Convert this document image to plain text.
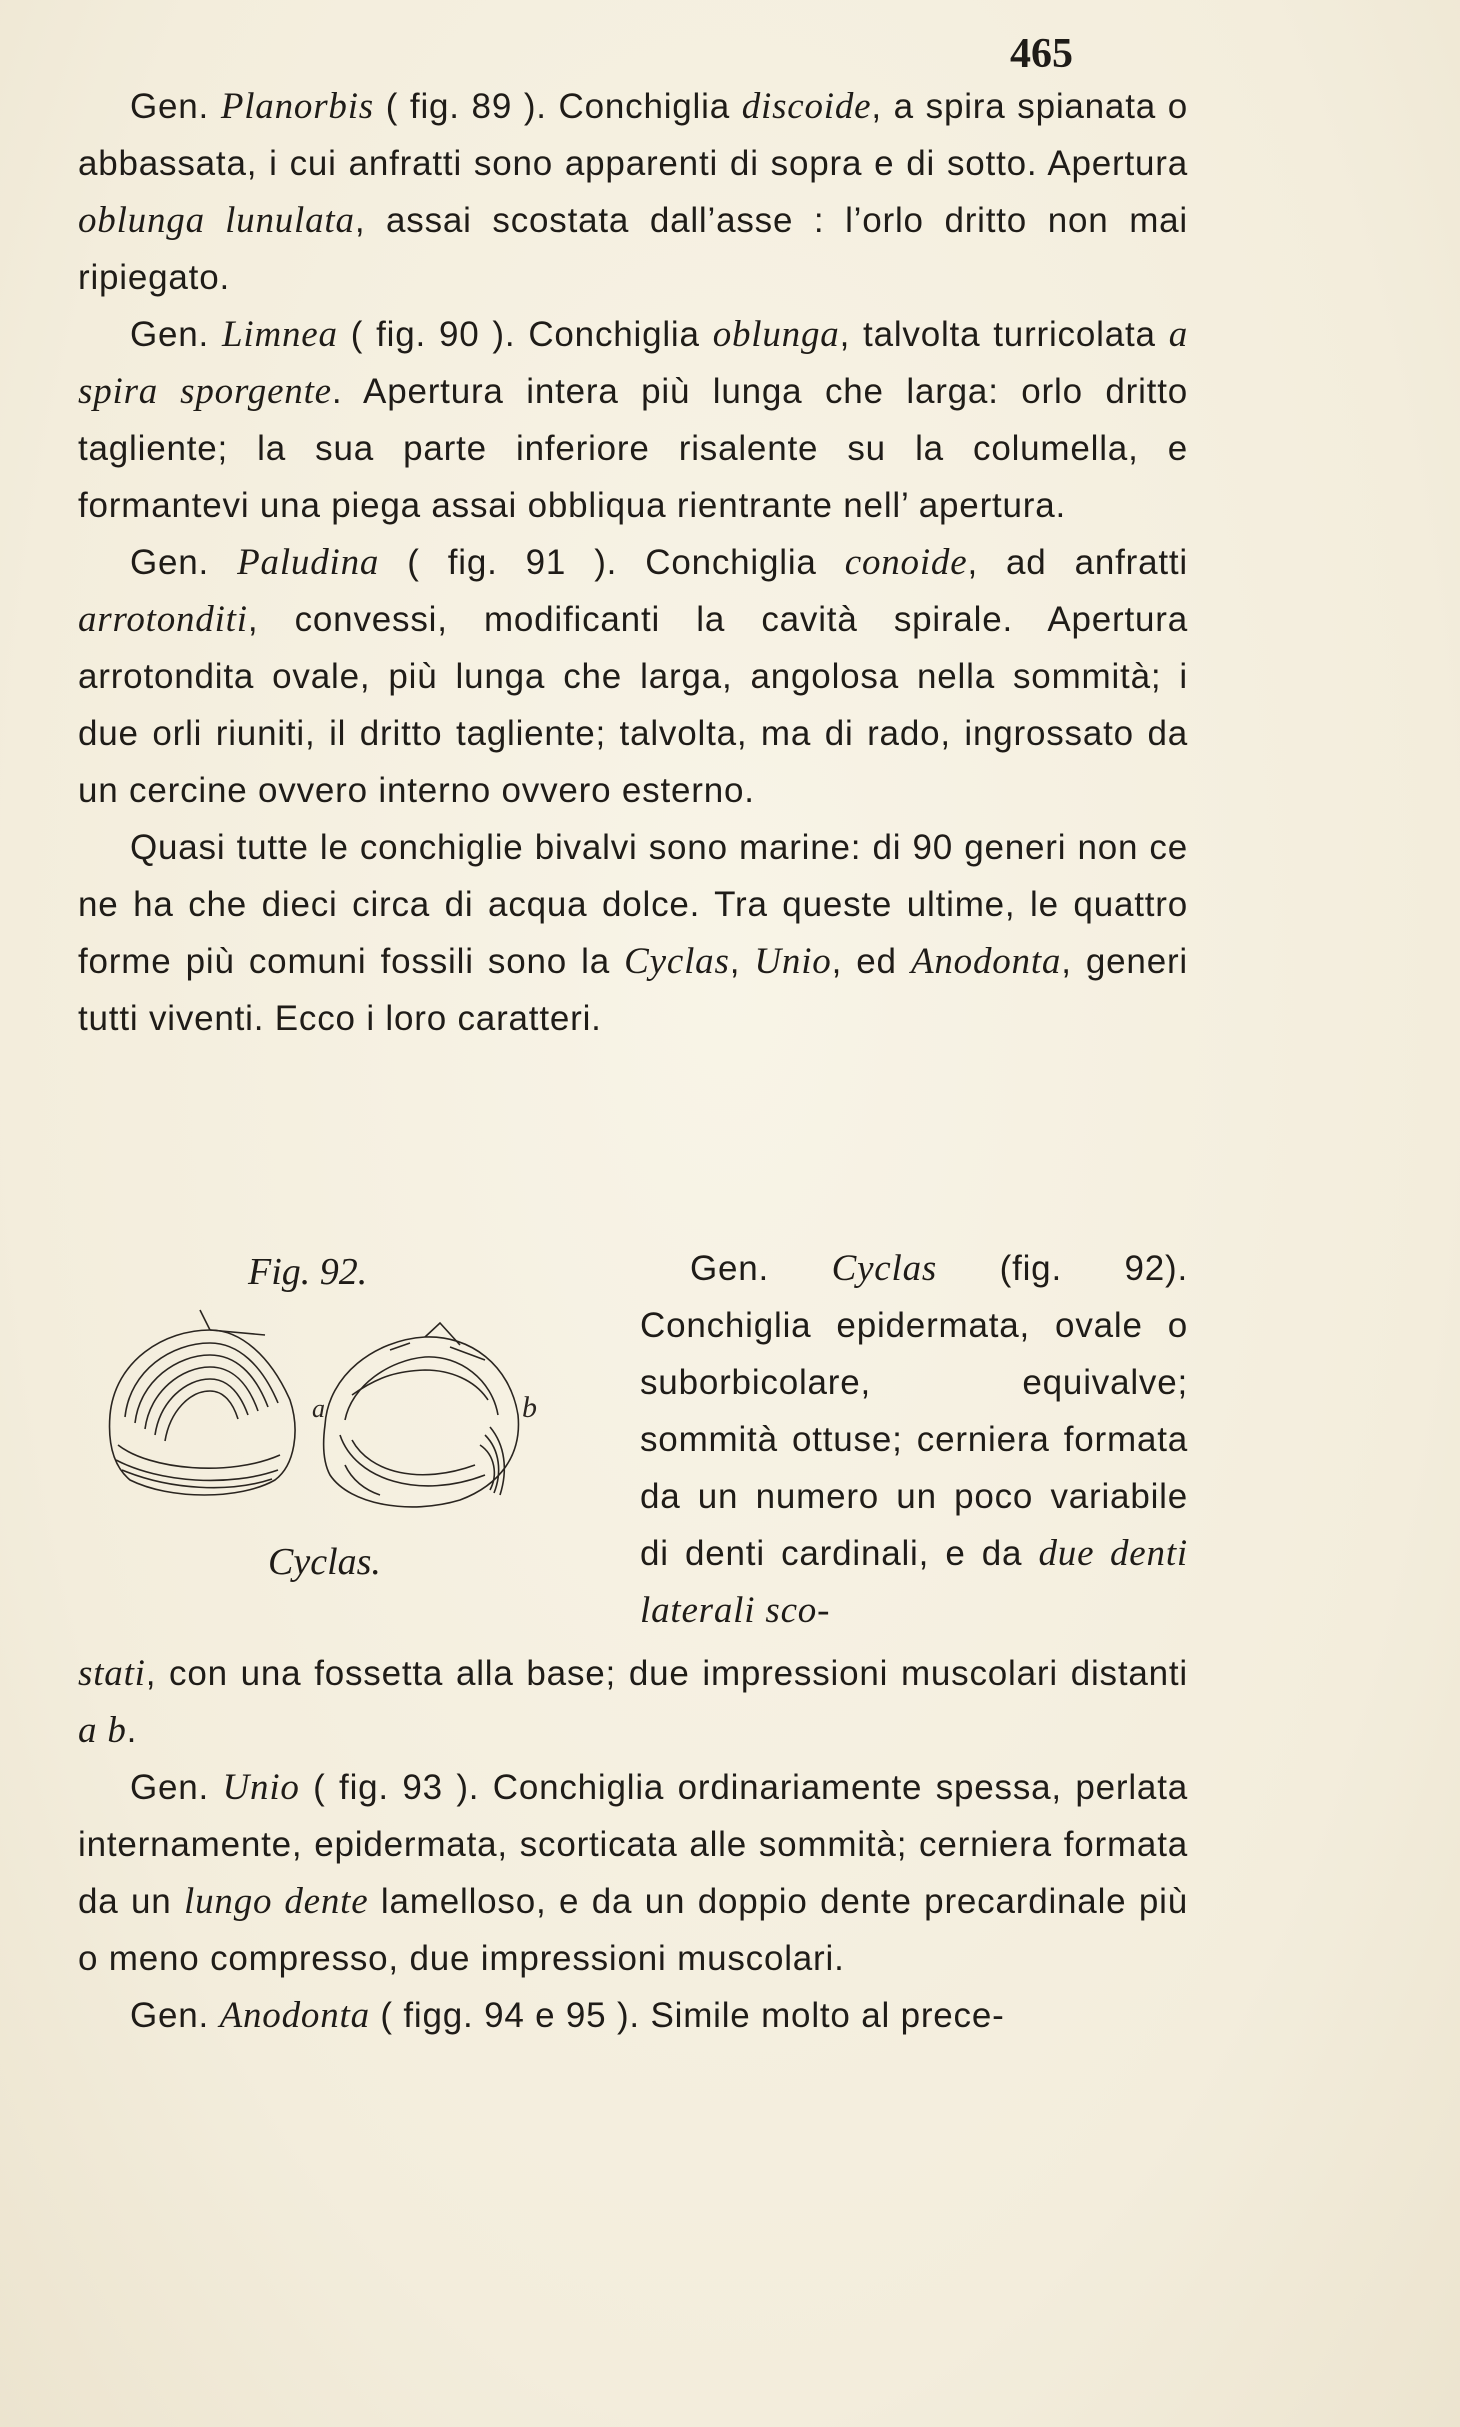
465

Gen. Planorbis ( fig. 89 ). Conchiglia discoide, a spira spianata o abbassata, i cui anfratti sono apparenti di sopra e di sotto. Apertura oblunga lunulata, assai scostata dall’asse : l’orlo dritto non mai ripiegato.

Gen. Limnea ( fig. 90 ). Conchiglia oblunga, talvolta turricolata a spira sporgente. Apertura intera più lunga che larga: orlo dritto tagliente; la sua parte inferiore risalente su la columella, e formantevi una piega assai obbliqua rientrante nell’ apertura.

Gen. Paludina ( fig. 91 ). Conchiglia conoide, ad anfratti arrotonditi, convessi, modificanti la cavità spirale. Apertura arrotondita ovale, più lunga che larga, angolosa nella sommità; i due orli riuniti, il dritto tagliente; talvolta, ma di rado, ingrossato da un cercine ovvero interno ovvero esterno.

Quasi tutte le conchiglie bivalvi sono marine: di 90 generi non ce ne ha che dieci circa di acqua dolce. Tra queste ultime, le quattro forme più comuni fossili sono la Cyclas, Unio, ed Anodonta, generi tutti viventi. Ecco i loro caratteri.

Fig. 92.
a	b
Cyclas.

Gen. Cyclas (fig. 92). Conchiglia epidermata, ovale o suborbicolare, equivalve; sommità ottuse; cerniera formata da un numero un poco variabile di denti cardinali, e da due denti laterali sco-

stati, con una fossetta alla base; due impressioni muscolari distanti a b.

Gen. Unio ( fig. 93 ). Conchiglia ordinariamente spessa, perlata internamente, epidermata, scorticata alle sommità; cerniera formata da un lungo dente lamelloso, e da un doppio dente precardinale più o meno compresso, due impressioni muscolari.

Gen. Anodonta ( figg. 94 e 95 ). Simile molto al prece-
